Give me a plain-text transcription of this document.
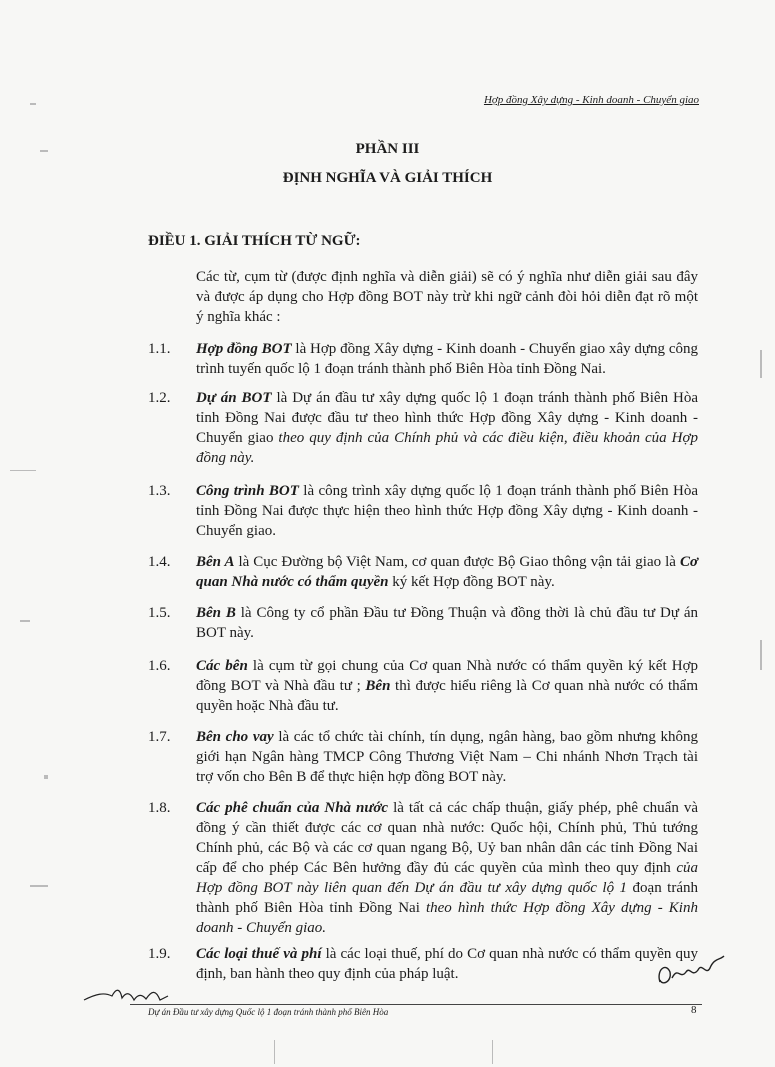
Hợp đồng Xây dựng - Kinh doanh - Chuyển giao
PHẦN III
ĐỊNH NGHĨA VÀ GIẢI THÍCH
ĐIỀU 1. GIẢI THÍCH TỪ NGỮ:
Các từ, cụm từ (được định nghĩa và diễn giải) sẽ có ý nghĩa như diễn giải sau đây và được áp dụng cho Hợp đồng BOT này trừ khi ngữ cảnh đòi hỏi diễn đạt rõ một ý nghĩa khác :
1.1. Hợp đồng BOT là Hợp đồng Xây dựng - Kinh doanh - Chuyển giao xây dựng công trình tuyến quốc lộ 1 đoạn tránh thành phố Biên Hòa tỉnh Đồng Nai.
1.2. Dự án BOT là Dự án đầu tư xây dựng quốc lộ 1 đoạn tránh thành phố Biên Hòa tỉnh Đồng Nai được đầu tư theo hình thức Hợp đồng Xây dựng - Kinh doanh - Chuyển giao theo quy định của Chính phủ và các điều kiện, điều khoản của Hợp đồng này.
1.3. Công trình BOT là công trình xây dựng quốc lộ 1 đoạn tránh thành phố Biên Hòa tỉnh Đồng Nai được thực hiện theo hình thức Hợp đồng Xây dựng - Kinh doanh - Chuyển giao.
1.4. Bên A là Cục Đường bộ Việt Nam, cơ quan được Bộ Giao thông vận tải giao là Cơ quan Nhà nước có thẩm quyền ký kết Hợp đồng BOT này.
1.5. Bên B là Công ty cổ phần Đầu tư Đồng Thuận và đồng thời là chủ đầu tư Dự án BOT này.
1.6. Các bên là cụm từ gọi chung của Cơ quan Nhà nước có thẩm quyền ký kết Hợp đồng BOT và Nhà đầu tư ; Bên thì được hiểu riêng là Cơ quan nhà nước có thẩm quyền hoặc Nhà đầu tư.
1.7. Bên cho vay là các tổ chức tài chính, tín dụng, ngân hàng, bao gồm nhưng không giới hạn Ngân hàng TMCP Công Thương Việt Nam – Chi nhánh Nhơn Trạch tài trợ vốn cho Bên B để thực hiện hợp đồng BOT này.
1.8. Các phê chuẩn của Nhà nước là tất cả các chấp thuận, giấy phép, phê chuẩn và đồng ý cần thiết được các cơ quan nhà nước: Quốc hội, Chính phủ, Thủ tướng Chính phủ, các Bộ và các cơ quan ngang Bộ, Uỷ ban nhân dân các tỉnh Đồng Nai cấp để cho phép Các Bên hưởng đầy đủ các quyền của mình theo quy định của Hợp đồng BOT này liên quan đến Dự án đầu tư xây dựng quốc lộ 1 đoạn tránh thành phố Biên Hòa tỉnh Đồng Nai theo hình thức Hợp đồng Xây dựng - Kinh doanh - Chuyển giao.
1.9. Các loại thuế và phí là các loại thuế, phí do Cơ quan nhà nước có thẩm quyền quy định, ban hành theo quy định của pháp luật.
Dự án Đầu tư xây dựng Quốc lộ 1 đoạn tránh thành phố Biên Hòa	8
